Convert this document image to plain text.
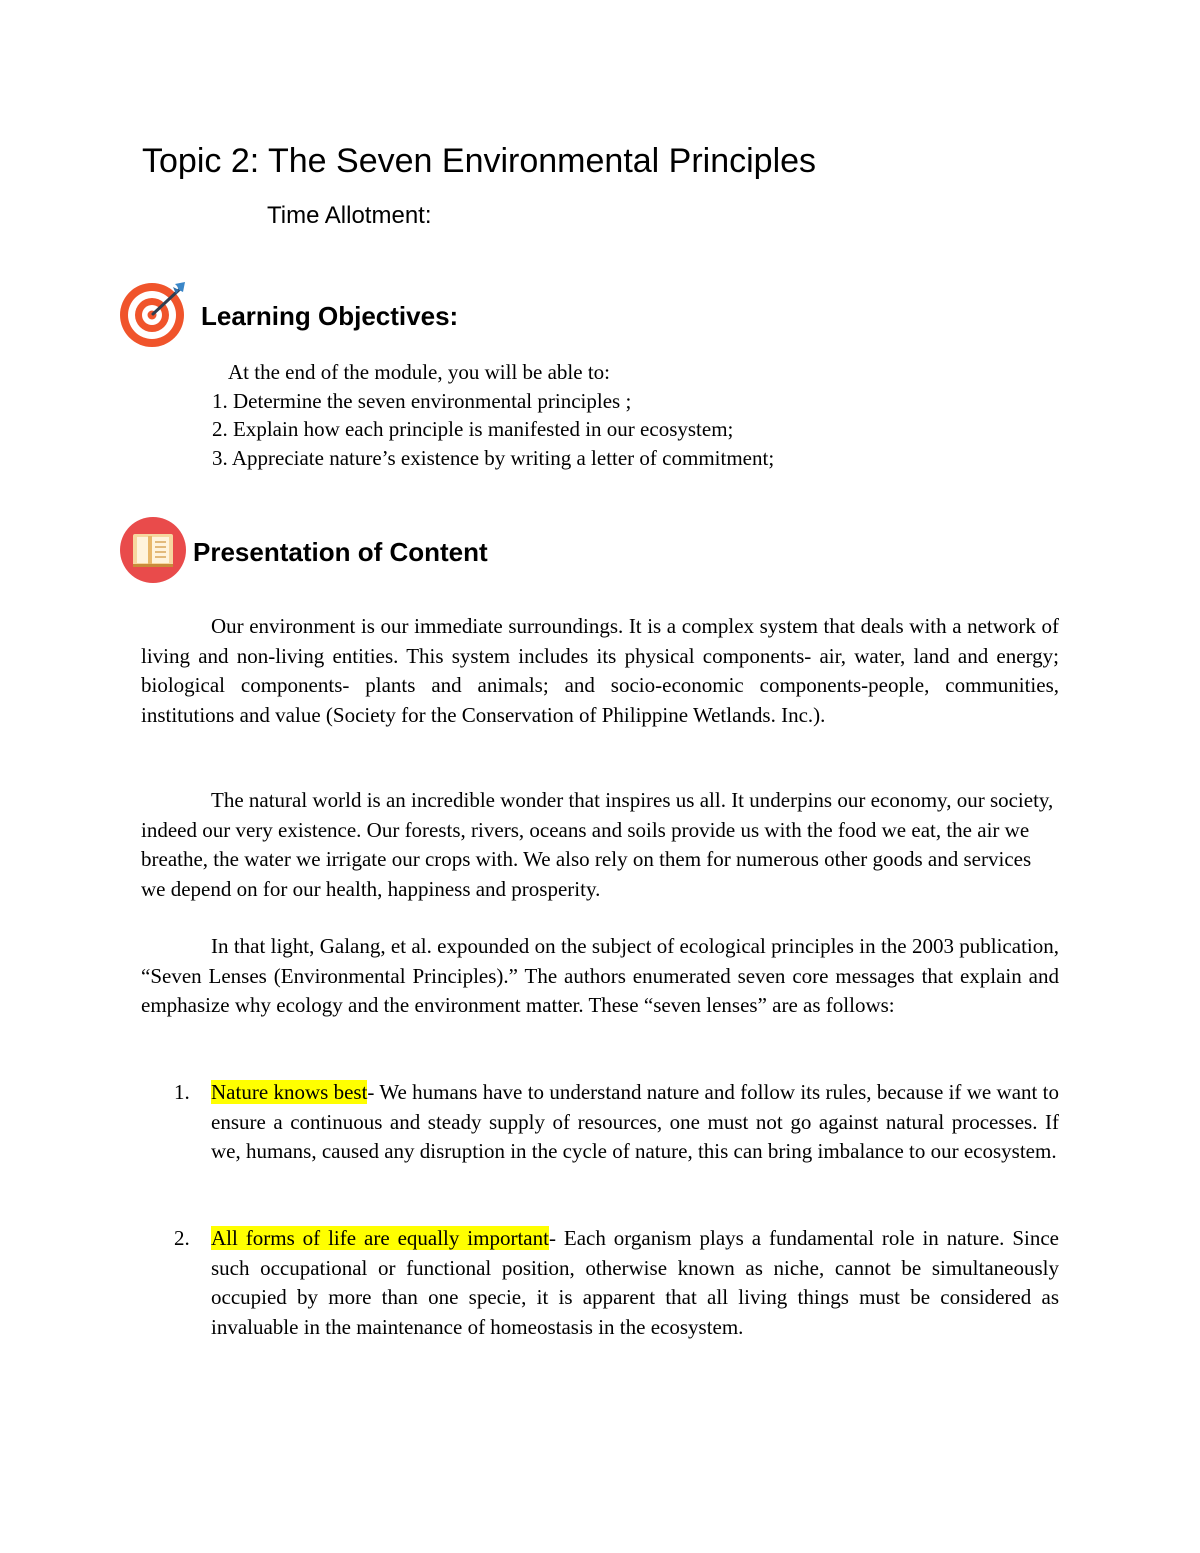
Topic 2: The Seven Environmental Principles
Time Allotment:
Learning Objectives:
At the end of the module, you will be able to:
1. Determine the seven environmental principles ;
2. Explain how each principle is manifested in our ecosystem;
3. Appreciate nature’s existence by writing a letter of commitment;
Presentation of Content

Our environment is our immediate surroundings. It is a complex system that deals with a network of living and non-living entities. This system includes its physical components- air, water, land and energy; biological components- plants and animals; and socio-economic components-people, communities, institutions and value (Society for the Conservation of Philippine Wetlands. Inc.).

The natural world is an incredible wonder that inspires us all. It underpins our economy, our society, indeed our very existence. Our forests, rivers, oceans and soils provide us with the food we eat, the air we breathe, the water we irrigate our crops with. We also rely on them for numerous other goods and services we depend on for our health, happiness and prosperity.

In that light, Galang, et al. expounded on the subject of ecological principles in the 2003 publication, “Seven Lenses (Environmental Principles).” The authors enumerated seven core messages that explain and emphasize why ecology and the environment matter. These “seven lenses” are as follows:

1. Nature knows best- We humans have to understand nature and follow its rules, because if we want to ensure a continuous and steady supply of resources, one must not go against natural processes. If we, humans, caused any disruption in the cycle of nature, this can bring imbalance to our ecosystem.
2. All forms of life are equally important- Each organism plays a fundamental role in nature. Since such occupational or functional position, otherwise known as niche, cannot be simultaneously occupied by more than one specie, it is apparent that all living things must be considered as invaluable in the maintenance of homeostasis in the ecosystem.
